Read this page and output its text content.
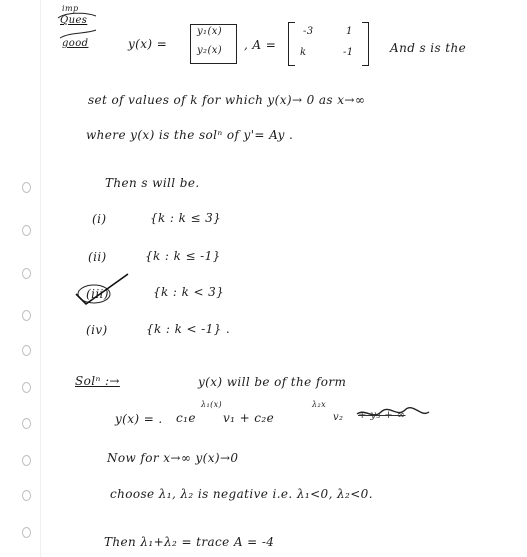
imp
Ques
good	y(x) =
y₁(x)
y₂(x) , A =
-3	1
k	-1	And s is the
set of values of k for which y(x)→ 0 as x→∞
where y(x) is the solⁿ of y'= Ay .
Then s will be.
(i)	{k : k ≤ 3}
(ii)	{k : k ≤ -1}
(iii)	{k : k < 3}
(iv)	{k : k < -1} .
Solⁿ :→	y(x) will be of the form
y(x) = . c₁e
λ₁(x)
v₁ + c₂e
λ₂x
v₂ + y₃ + ∞
Now for x→∞ y(x)→0
choose λ₁, λ₂ is negative i.e. λ₁<0, λ₂<0.
Then λ₁+λ₂ = trace A = -4
